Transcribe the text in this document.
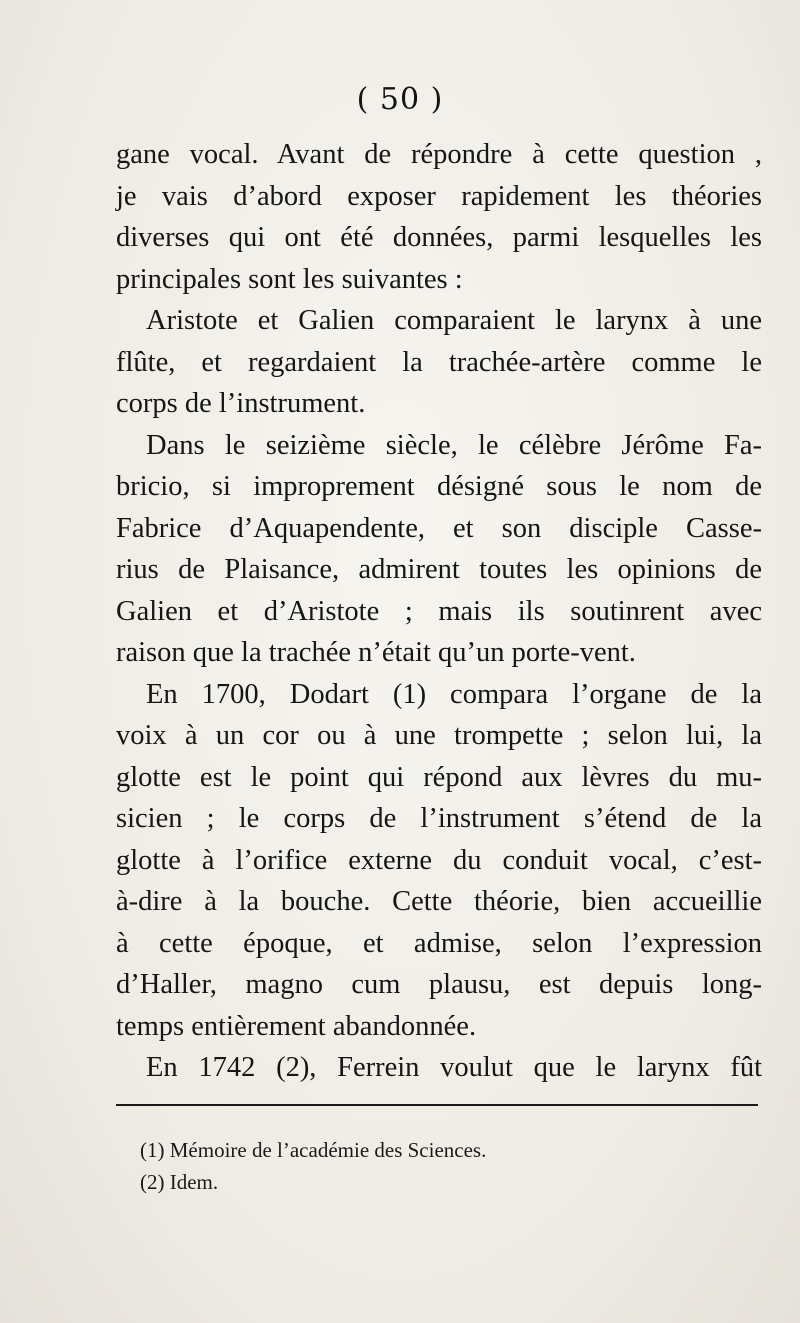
( 50 )
gane vocal. Avant de répondre à cette question ,
je vais d’abord exposer rapidement les théories
diverses qui ont été données, parmi lesquelles les
principales sont les suivantes :
Aristote et Galien comparaient le larynx à une
flûte, et regardaient la trachée-artère comme le
corps de l’instrument.
Dans le seizième siècle, le célèbre Jérôme Fa-
bricio, si improprement désigné sous le nom de
Fabrice d’Aquapendente, et son disciple Casse-
rius de Plaisance, admirent toutes les opinions de
Galien et d’Aristote ; mais ils soutinrent avec
raison que la trachée n’était qu’un porte-vent.
En 1700, Dodart (1) compara l’organe de la
voix à un cor ou à une trompette ; selon lui, la
glotte est le point qui répond aux lèvres du mu-
sicien ; le corps de l’instrument s’étend de la
glotte à l’orifice externe du conduit vocal, c’est-
à-dire à la bouche. Cette théorie, bien accueillie
à cette époque, et admise, selon l’expression
d’Haller, magno cum plausu, est depuis long-
temps entièrement abandonnée.
En 1742 (2), Ferrein voulut que le larynx fût
(1) Mémoire de l’académie des Sciences.
(2) Idem.
